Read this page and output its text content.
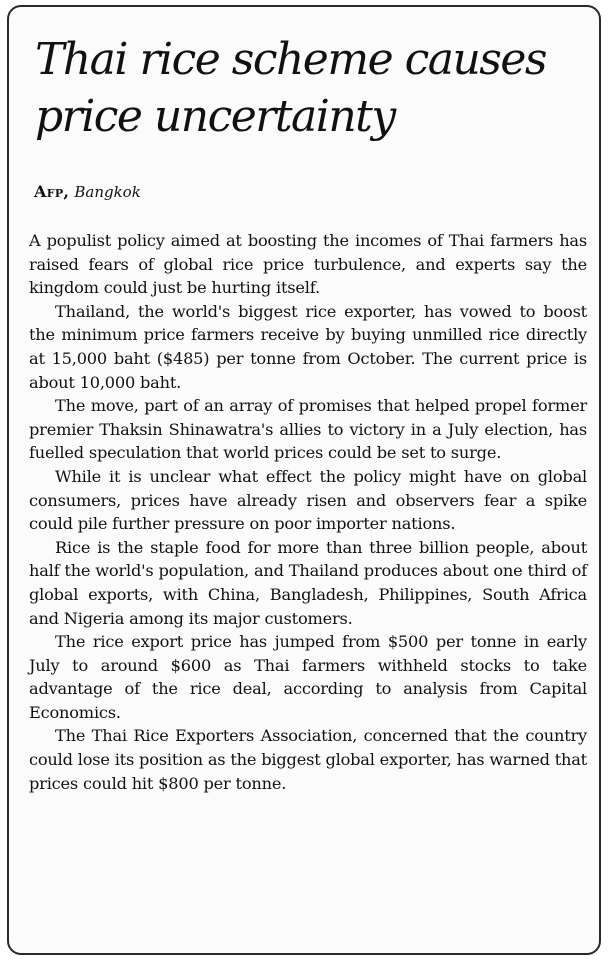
Thai rice scheme causes price uncertainty
Afp, Bangkok

A populist policy aimed at boosting the incomes of Thai farmers has raised fears of global rice price turbulence, and experts say the kingdom could just be hurting itself.

Thailand, the world's biggest rice exporter, has vowed to boost the minimum price farmers receive by buying unmilled rice directly at 15,000 baht ($485) per tonne from October. The current price is about 10,000 baht.

The move, part of an array of promises that helped propel former premier Thaksin Shinawatra's allies to victory in a July election, has fuelled speculation that world prices could be set to surge.

While it is unclear what effect the policy might have on global consumers, prices have already risen and observers fear a spike could pile further pressure on poor importer nations.

Rice is the staple food for more than three billion people, about half the world's population, and Thailand produces about one third of global exports, with China, Bangladesh, Philippines, South Africa and Nigeria among its major customers.

The rice export price has jumped from $500 per tonne in early July to around $600 as Thai farmers withheld stocks to take advantage of the rice deal, according to analysis from Capital Economics.

The Thai Rice Exporters Association, concerned that the country could lose its position as the biggest global exporter, has warned that prices could hit $800 per tonne.
